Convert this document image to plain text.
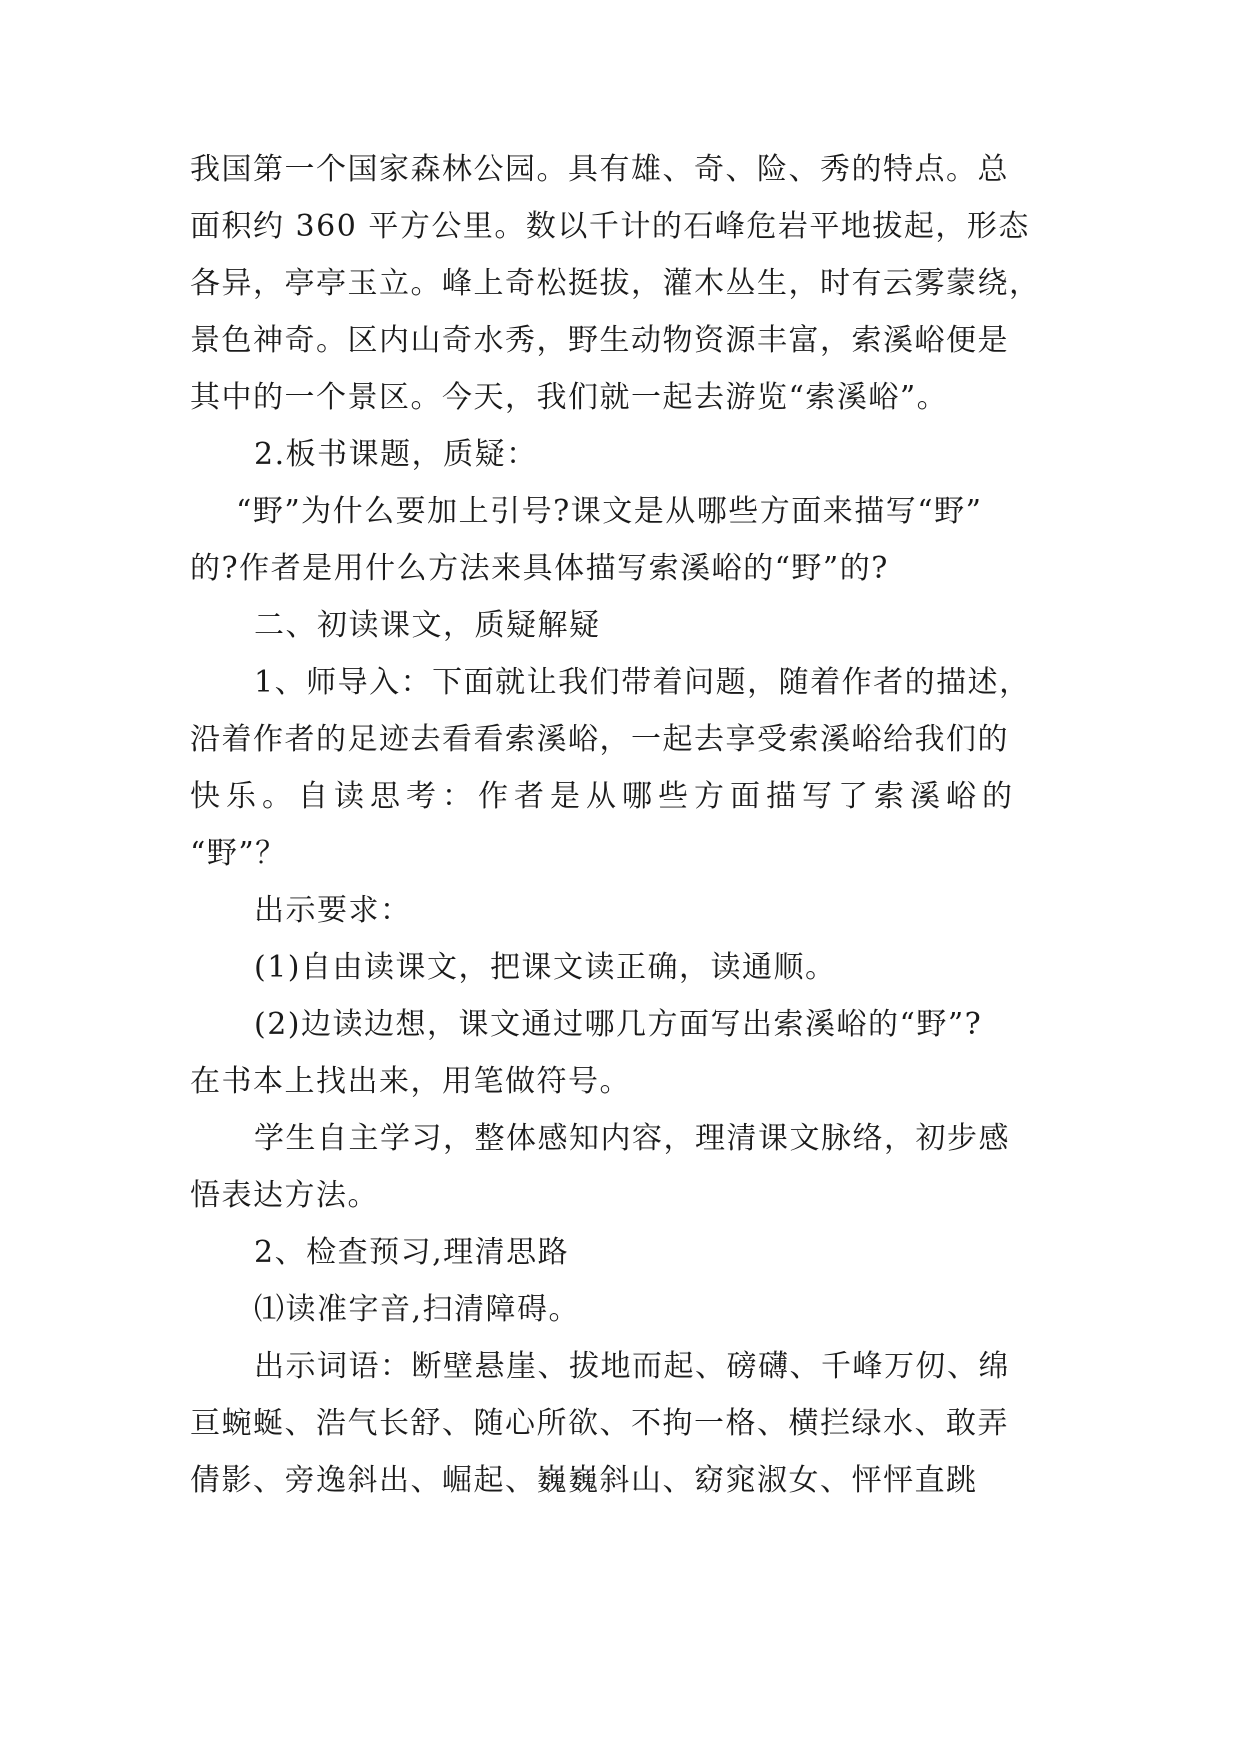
我国第一个国家森林公园。具有雄、奇、险、秀的特点。总
面积约 360 平方公里。数以千计的石峰危岩平地拔起，形态
各异，亭亭玉立。峰上奇松挺拔，灌木丛生，时有云雾蒙绕，
景色神奇。区内山奇水秀，野生动物资源丰富，索溪峪便是
其中的一个景区。今天，我们就一起去游览“索溪峪”。
2.板书课题，质疑：
“野”为什么要加上引号?课文是从哪些方面来描写“野”
的?作者是用什么方法来具体描写索溪峪的“野”的?
二、初读课文，质疑解疑
1、师导入：下面就让我们带着问题，随着作者的描述，
沿着作者的足迹去看看索溪峪，一起去享受索溪峪给我们的
快乐。自读思考：作者是从哪些方面描写了索溪峪的
“野”？
出示要求：
(1)自由读课文，把课文读正确，读通顺。
(2)边读边想，课文通过哪几方面写出索溪峪的“野”?
在书本上找出来，用笔做符号。
学生自主学习，整体感知内容，理清课文脉络，初步感
悟表达方法。
2、检查预习,理清思路
⑴读准字音,扫清障碍。
出示词语：断壁悬崖、拔地而起、磅礴、千峰万仞、绵
亘蜿蜒、浩气长舒、随心所欲、不拘一格、横拦绿水、敢弄
倩影、旁逸斜出、崛起、巍巍斜山、窈窕淑女、怦怦直跳
